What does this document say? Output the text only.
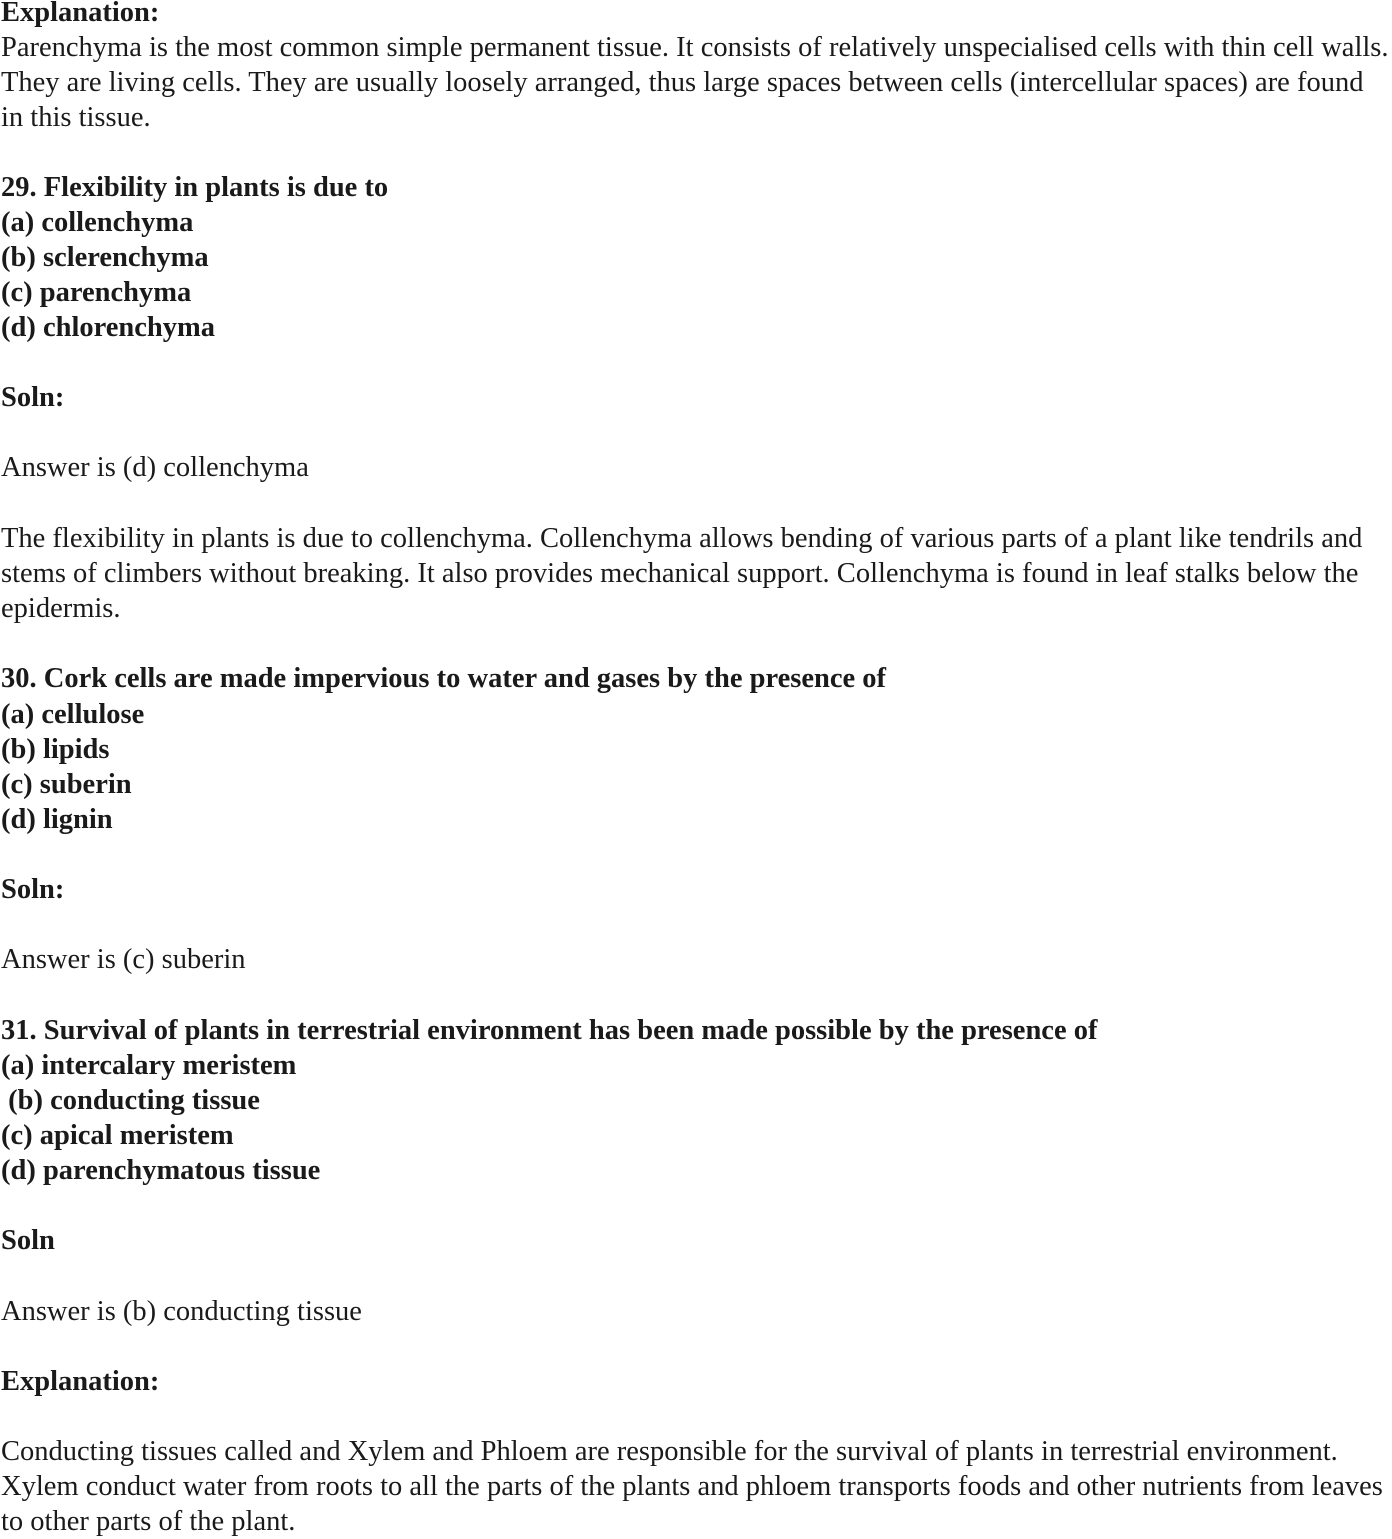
Explanation:
Parenchyma is the most common simple permanent tissue. It consists of relatively unspecialised cells with thin cell walls. They are living cells. They are usually loosely arranged, thus large spaces between cells (intercellular spaces) are found in this tissue.
29. Flexibility in plants is due to
(a) collenchyma
(b) sclerenchyma
(c) parenchyma
(d) chlorenchyma
Soln:
Answer is (d) collenchyma
The flexibility in plants is due to collenchyma. Collenchyma allows bending of various parts of a plant like tendrils and stems of climbers without breaking. It also provides mechanical support. Collenchyma is found in leaf stalks below the epidermis.
30. Cork cells are made impervious to water and gases by the presence of
(a) cellulose
(b) lipids
(c) suberin
(d) lignin
Soln:
Answer is (c) suberin
31. Survival of plants in terrestrial environment has been made possible by the presence of
(a) intercalary meristem
(b) conducting tissue
(c) apical meristem
(d) parenchymatous tissue
Soln
Answer is (b) conducting tissue
Explanation:
Conducting tissues called and Xylem and Phloem are responsible for the survival of plants in terrestrial environment.  Xylem conduct water from roots to all the parts of the plants and phloem transports foods and other nutrients from leaves to other parts of the plant.
